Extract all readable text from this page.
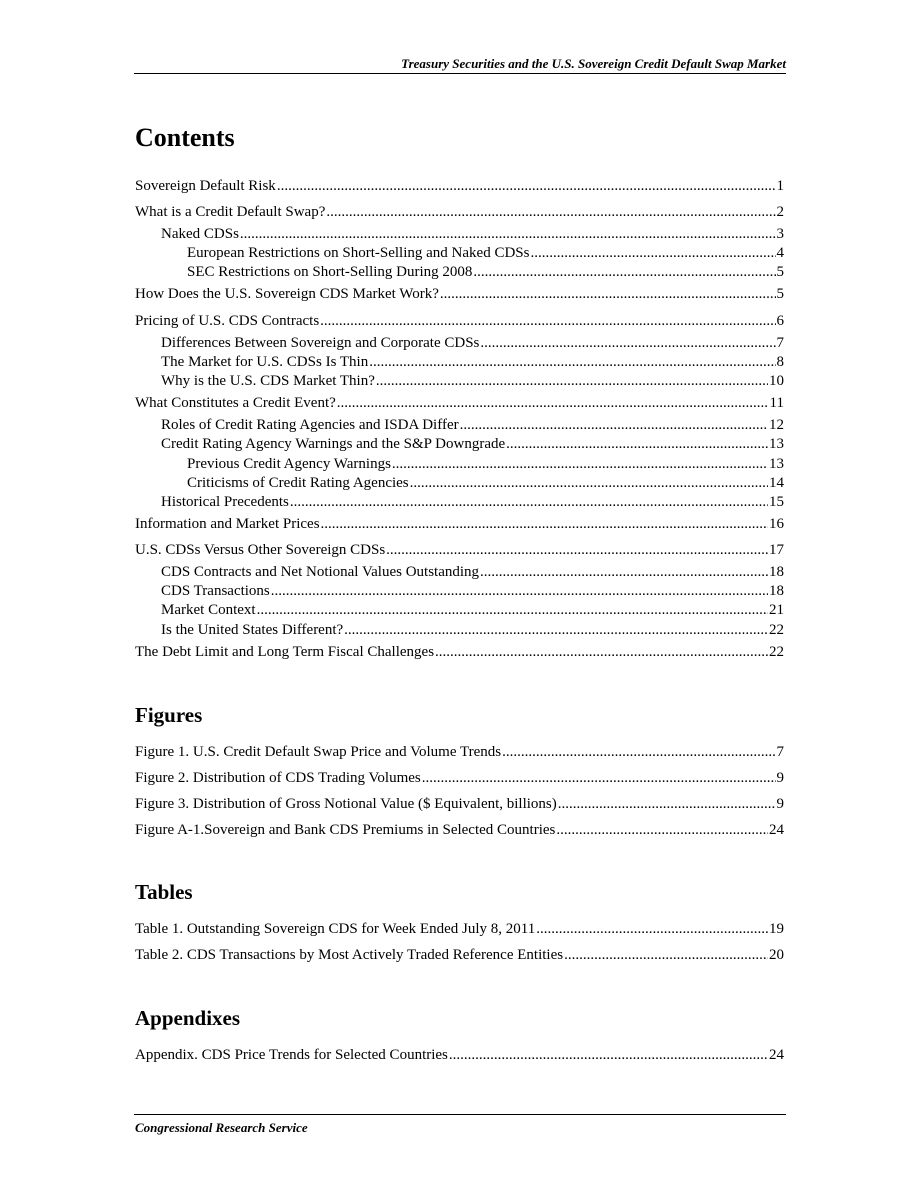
Treasury Securities and the U.S. Sovereign Credit Default Swap Market
Contents
Sovereign Default Risk .....	1
What is a Credit Default Swap? .....	2
Naked CDSs .....	3
European Restrictions on Short-Selling and Naked CDSs .....	4
SEC Restrictions on Short-Selling During 2008 .....	5
How Does the U.S. Sovereign CDS Market Work? .....	5
Pricing of U.S. CDS Contracts .....	6
Differences Between Sovereign and Corporate CDSs .....	7
The Market for U.S. CDSs Is Thin .....	8
Why is the U.S. CDS Market Thin? .....	10
What Constitutes a Credit Event? .....	11
Roles of Credit Rating Agencies and ISDA Differ .....	12
Credit Rating Agency Warnings and the S&P Downgrade .....	13
Previous Credit Agency Warnings .....	13
Criticisms of Credit Rating Agencies .....	14
Historical Precedents .....	15
Information and Market Prices .....	16
U.S. CDSs Versus Other Sovereign CDSs .....	17
CDS Contracts and Net Notional Values Outstanding .....	18
CDS Transactions .....	18
Market Context .....	21
Is the United States Different? .....	22
The Debt Limit and Long Term Fiscal Challenges .....	22
Figures
Figure 1. U.S. Credit Default Swap Price and Volume Trends .....	7
Figure 2. Distribution of CDS Trading Volumes .....	9
Figure 3. Distribution of Gross Notional Value ($ Equivalent, billions) .....	9
Figure A-1.Sovereign and Bank CDS Premiums in Selected Countries .....	24
Tables
Table 1. Outstanding Sovereign CDS for Week Ended July 8, 2011 .....	19
Table 2. CDS Transactions by Most Actively Traded Reference Entities .....	20
Appendixes
Appendix. CDS Price Trends for Selected Countries .....	24
Congressional Research Service
